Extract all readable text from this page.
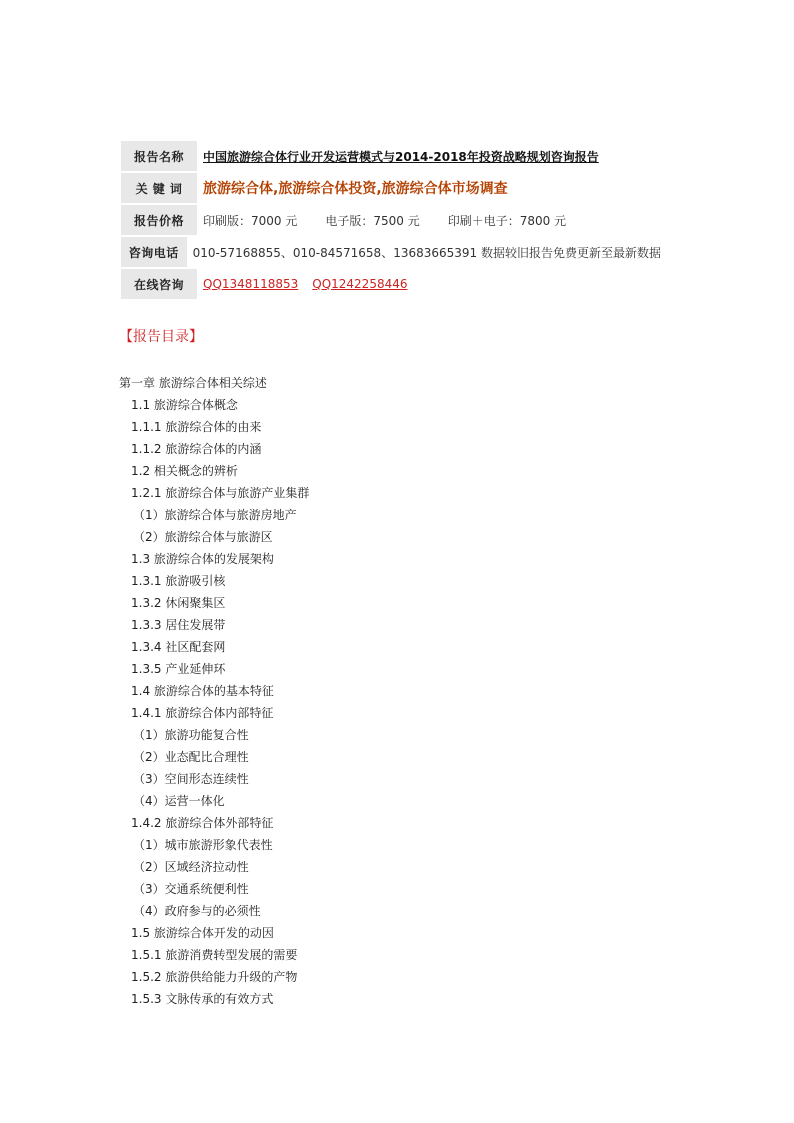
报告名称	中国旅游综合体行业开发运营模式与2014-2018年投资战略规划咨询报告
关 键 词	旅游综合体,旅游综合体投资,旅游综合体市场调查
报告价格	印刷版：7000 元 电子版：7500 元 印刷＋电子：7800 元
咨询电话	010-57168855、010-84571658、13683665391 数据较旧报告免费更新至最新数据
在线咨询	QQ1348118853 QQ1242258446
【报告目录】
第一章 旅游综合体相关综述
1.1 旅游综合体概念
1.1.1 旅游综合体的由来
1.1.2 旅游综合体的内涵
1.2 相关概念的辨析
1.2.1 旅游综合体与旅游产业集群
（1）旅游综合体与旅游房地产
（2）旅游综合体与旅游区
1.3 旅游综合体的发展架构
1.3.1 旅游吸引核
1.3.2 休闲聚集区
1.3.3 居住发展带
1.3.4 社区配套网
1.3.5 产业延伸环
1.4 旅游综合体的基本特征
1.4.1 旅游综合体内部特征
（1）旅游功能复合性
（2）业态配比合理性
（3）空间形态连续性
（4）运营一体化
1.4.2 旅游综合体外部特征
（1）城市旅游形象代表性
（2）区域经济拉动性
（3）交通系统便利性
（4）政府参与的必须性
1.5 旅游综合体开发的动因
1.5.1 旅游消费转型发展的需要
1.5.2 旅游供给能力升级的产物
1.5.3 文脉传承的有效方式
